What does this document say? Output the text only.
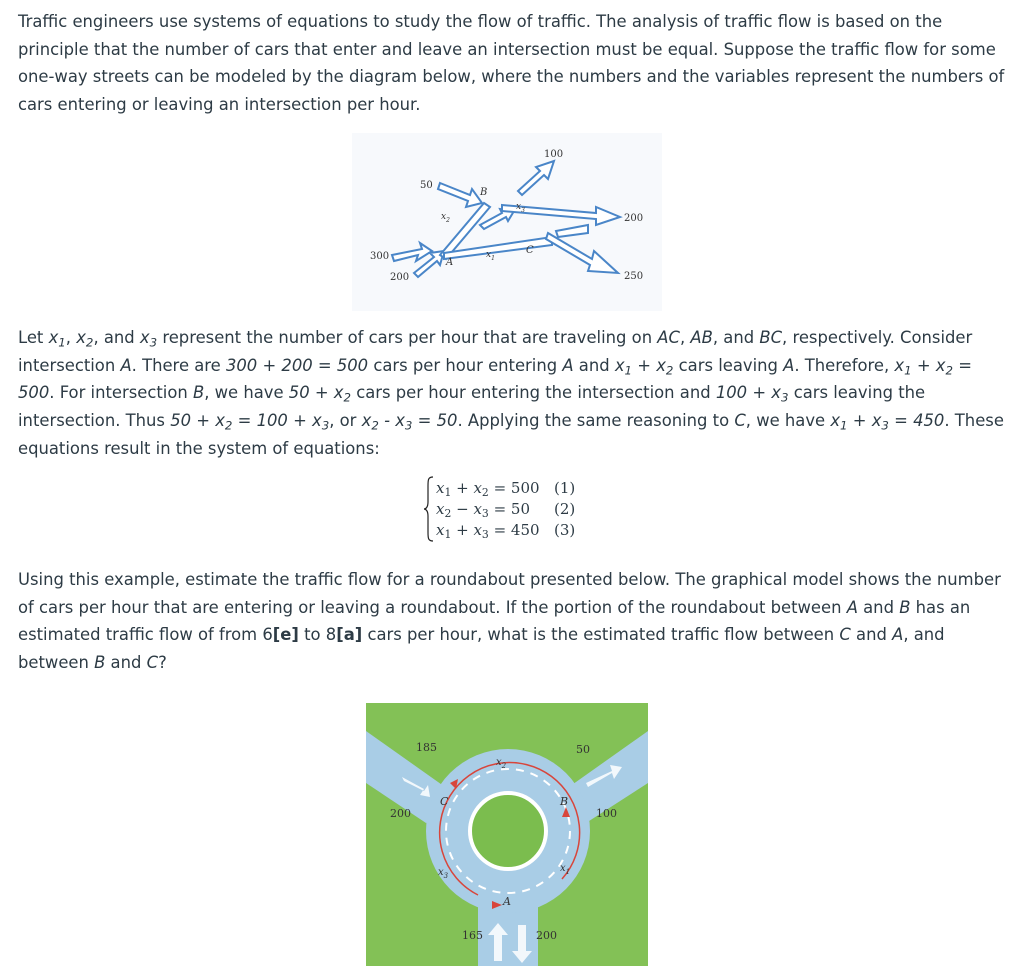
Traffic engineers use systems of equations to study the flow of traffic. The analysis of traffic flow is based on the principle that the number of cars that enter and leave an intersection must be equal. Suppose the traffic flow for some one-way streets can be modeled by the diagram below, where the numbers and the variables represent the numbers of cars entering or leaving an intersection per hour.

100
50
200
300
200	250
B
A
C
$x_2$
$x_3$
$x_1$

Let $x_1$, $x_2$, and $x_3$ represent the number of cars per hour that are traveling on AC, AB, and BC, respectively. Consider intersection A. There are 300 + 200 = 500 cars per hour entering A and $x_1 + x_2$ cars leaving A. Therefore, $x_1 + x_2 = 500$. For intersection B, we have $50 + x_2$ cars per hour entering the intersection and $100 + x_3$ cars leaving the intersection. Thus $50 + x_2 = 100 + x_3$, or $x_2 - x_3 = 50$. Applying the same reasoning to C, we have $x_1 + x_3 = 450$. These equations result in the system of equations:

$x_1 + x_2 = 500$ (1)
$x_2 - x_3 = 50$ (2)
$x_1 + x_3 = 450$ (3)

Using this example, estimate the traffic flow for a roundabout presented below. The graphical model shows the number of cars per hour that are entering or leaving a roundabout. If the portion of the roundabout between A and B has an estimated traffic flow of from 6[e] to 8[a] cars per hour, what is the estimated traffic flow between C and A, and between B and C?

185	50
200	100
165	200
A
B
C
$x_2$
$x_1$
$x_3$
